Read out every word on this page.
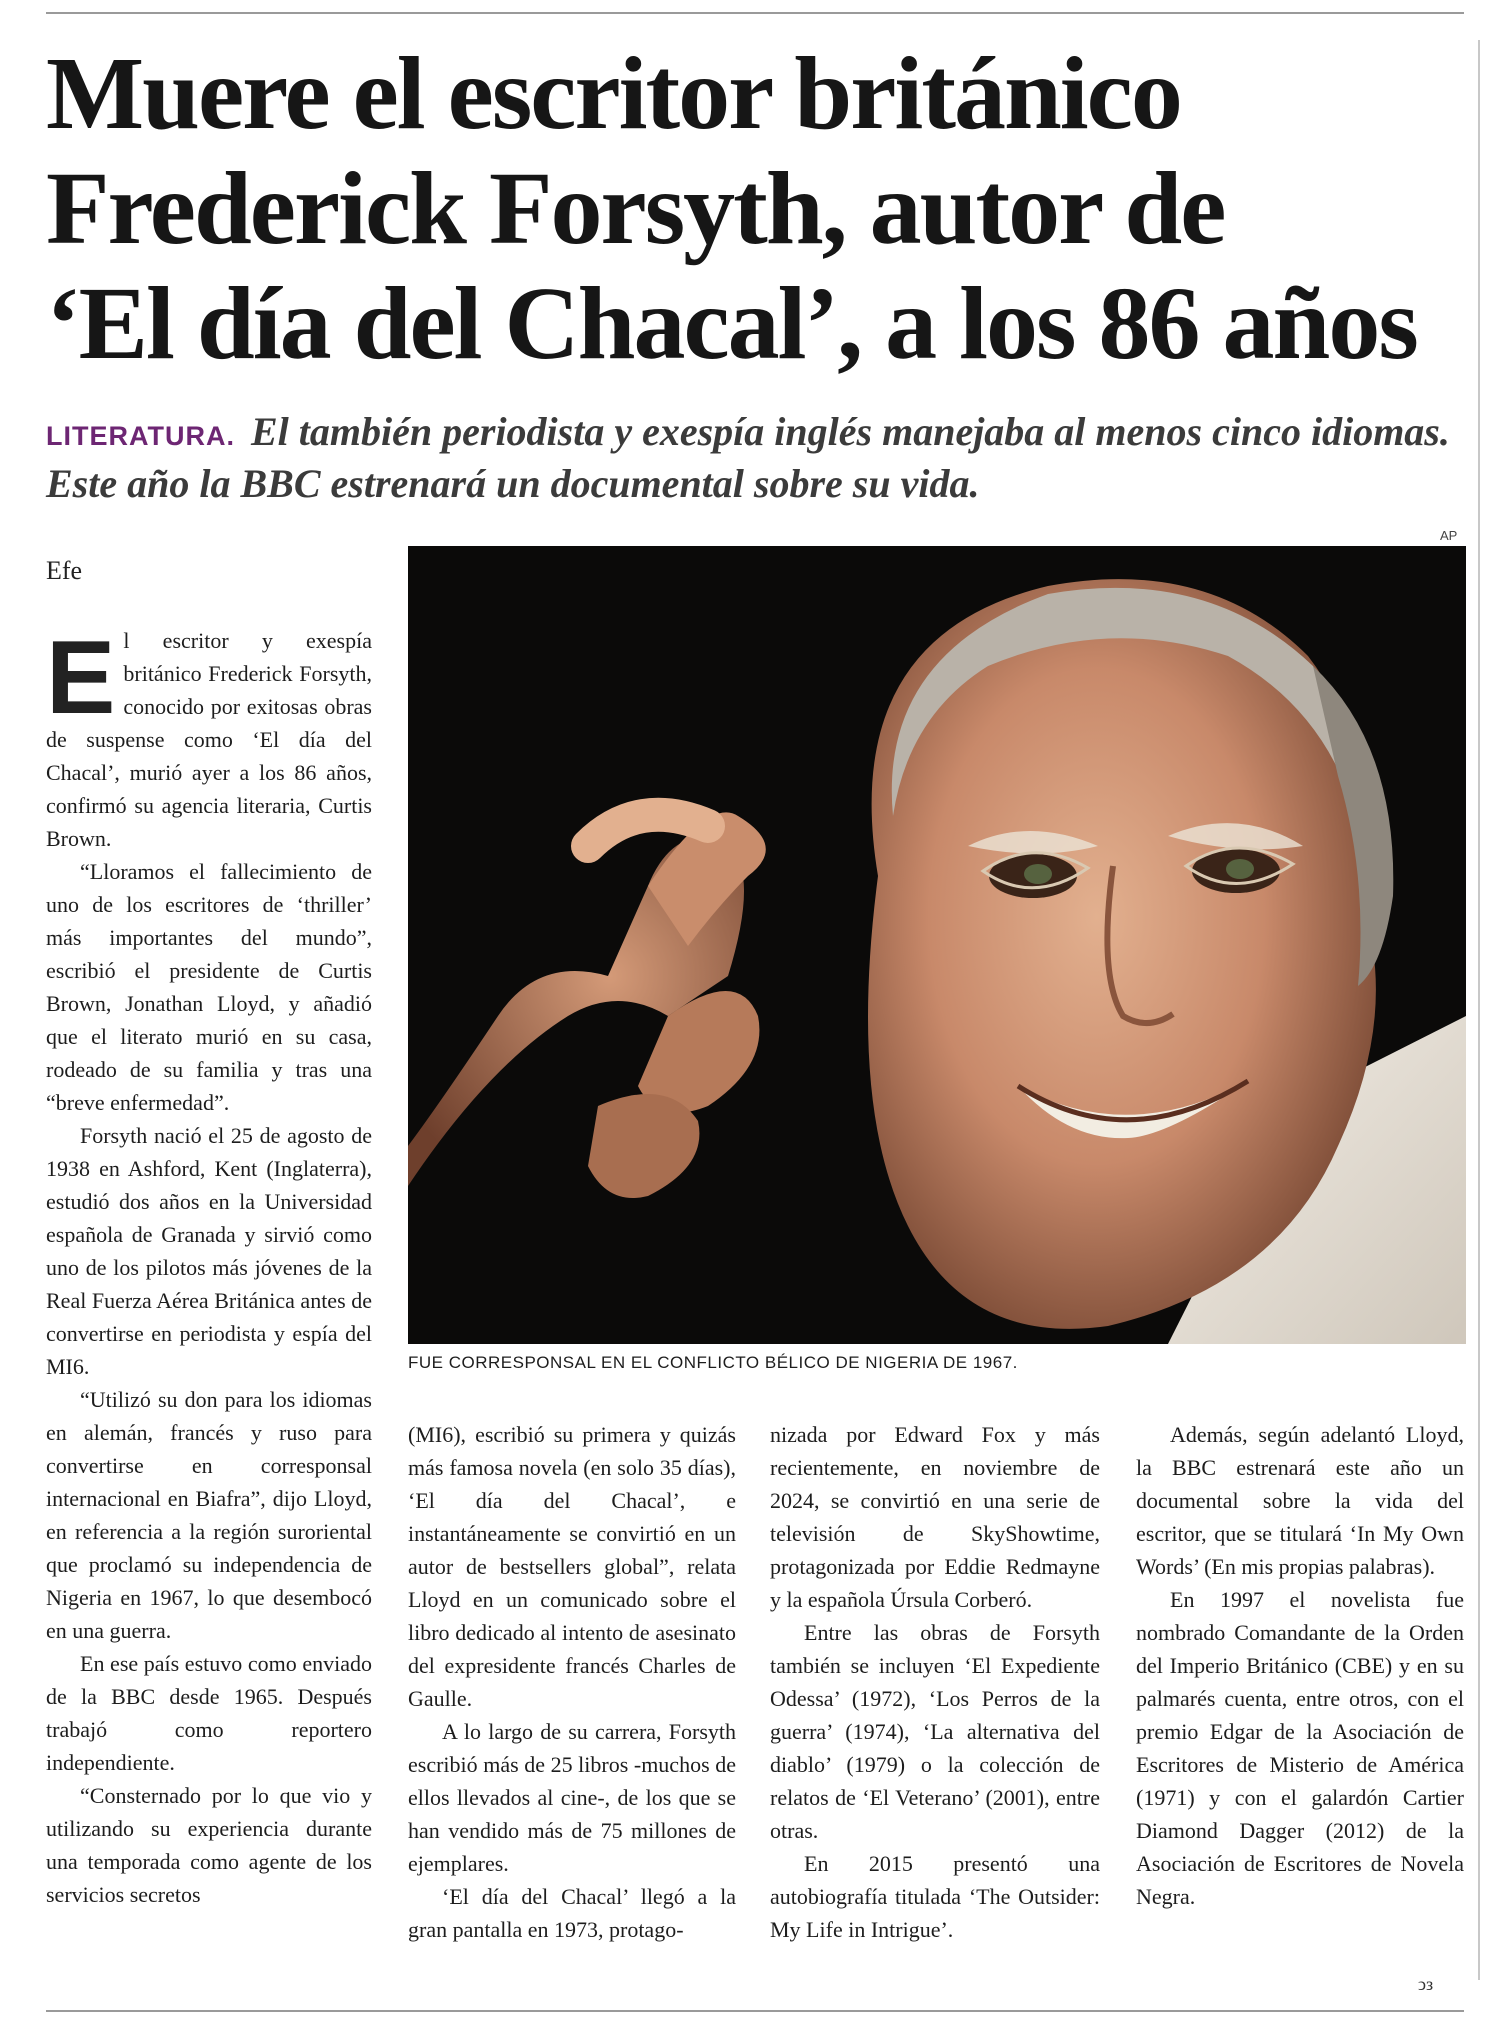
Muere el escritor británico
Frederick Forsyth, autor de
‘El día del Chacal’, a los 86 años

LITERATURA. El también periodista y exespía inglés manejaba al menos cinco idiomas. Este año la BBC estrenará un documental sobre su vida.

Efe
AP
FUE CORRESPONSAL EN EL CONFLICTO BÉLICO DE NIGERIA DE 1967.

El escritor y exespía británico Frederick Forsyth, conocido por exitosas obras de suspense como ‘El día del Chacal’, murió ayer a los 86 años, confirmó su agencia literaria, Curtis Brown.

“Lloramos el fallecimiento de uno de los escritores de ‘thriller’ más importantes del mundo”, escribió el presidente de Curtis Brown, Jonathan Lloyd, y añadió que el literato murió en su casa, rodeado de su familia y tras una “breve enfermedad”.

Forsyth nació el 25 de agosto de 1938 en Ashford, Kent (Inglaterra), estudió dos años en la Universidad española de Granada y sirvió como uno de los pilotos más jóvenes de la Real Fuerza Aérea Británica antes de convertirse en periodista y espía del MI6.

“Utilizó su don para los idiomas en alemán, francés y ruso para convertirse en corresponsal internacional en Biafra”, dijo Lloyd, en referencia a la región suroriental que proclamó su independencia de Nigeria en 1967, lo que desembocó en una guerra.

En ese país estuvo como enviado de la BBC desde 1965. Después trabajó como reportero independiente.

“Consternado por lo que vio y utilizando su experiencia durante una temporada como agente de los servicios secretos

(MI6), escribió su primera y quizás más famosa novela (en solo 35 días), ‘El día del Chacal’, e instantáneamente se convirtió en un autor de bestsellers global”, relata Lloyd en un comunicado sobre el libro dedicado al intento de asesinato del expresidente francés Charles de Gaulle.

A lo largo de su carrera, Forsyth escribió más de 25 libros -muchos de ellos llevados al cine-, de los que se han vendido más de 75 millones de ejemplares.

‘El día del Chacal’ llegó a la gran pantalla en 1973, protago-

nizada por Edward Fox y más recientemente, en noviembre de 2024, se convirtió en una serie de televisión de SkyShowtime, protagonizada por Eddie Redmayne y la española Úrsula Corberó.

Entre las obras de Forsyth también se incluyen ‘El Expediente Odessa’ (1972), ‘Los Perros de la guerra’ (1974), ‘La alternativa del diablo’ (1979) o la colección de relatos de ‘El Veterano’ (2001), entre otras.

En 2015 presentó una autobiografía titulada ‘The Outsider: My Life in Intrigue’.

Además, según adelantó Lloyd, la BBC estrenará este año un documental sobre la vida del escritor, que se titulará ‘In My Own Words’ (En mis propias palabras).

En 1997 el novelista fue nombrado Comandante de la Orden del Imperio Británico (CBE) y en su palmarés cuenta, entre otros, con el premio Edgar de la Asociación de Escritores de Misterio de América (1971) y con el galardón Cartier Diamond Dagger (2012) de la Asociación de Escritores de Novela Negra.

ↄз
